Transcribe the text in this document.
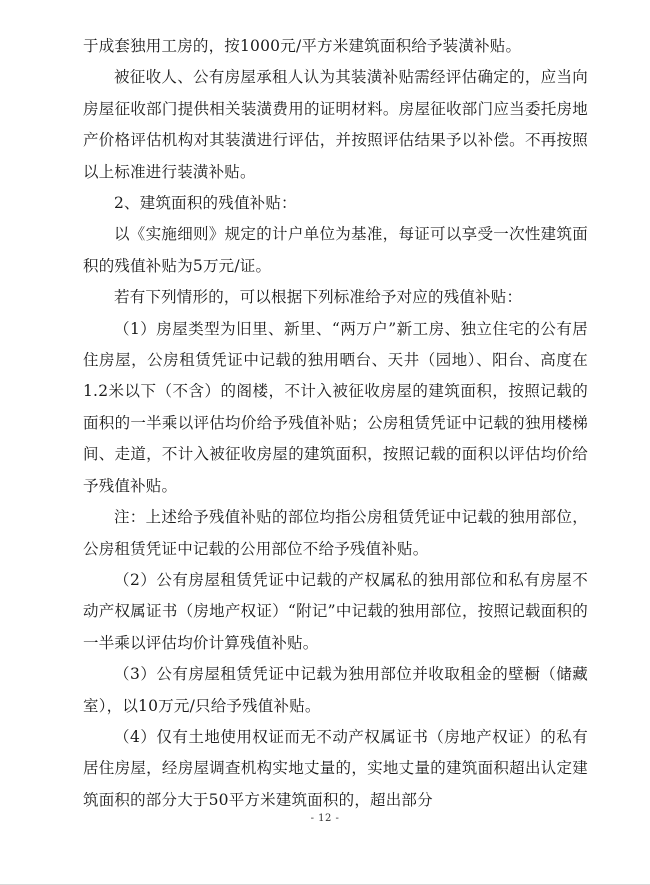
于成套独用工房的，按1000元/平方米建筑面积给予装潢补贴。

被征收人、公有房屋承租人认为其装潢补贴需经评估确定的，应当向房屋征收部门提供相关装潢费用的证明材料。房屋征收部门应当委托房地产价格评估机构对其装潢进行评估，并按照评估结果予以补偿。不再按照以上标准进行装潢补贴。

2、建筑面积的残值补贴：

以《实施细则》规定的计户单位为基准，每证可以享受一次性建筑面积的残值补贴为5万元/证。

若有下列情形的，可以根据下列标准给予对应的残值补贴：

（1）房屋类型为旧里、新里、“两万户”新工房、独立住宅的公有居住房屋，公房租赁凭证中记载的独用晒台、天井（园地）、阳台、高度在1.2米以下（不含）的阁楼，不计入被征收房屋的建筑面积，按照记载的面积的一半乘以评估均价给予残值补贴；公房租赁凭证中记载的独用楼梯间、走道，不计入被征收房屋的建筑面积，按照记载的面积以评估均价给予残值补贴。

注：上述给予残值补贴的部位均指公房租赁凭证中记载的独用部位，公房租赁凭证中记载的公用部位不给予残值补贴。

（2）公有房屋租赁凭证中记载的产权属私的独用部位和私有房屋不动产权属证书（房地产权证）“附记”中记载的独用部位，按照记载面积的一半乘以评估均价计算残值补贴。

（3）公有房屋租赁凭证中记载为独用部位并收取租金的壁橱（储藏室），以10万元/只给予残值补贴。

（4）仅有土地使用权证而无不动产权属证书（房地产权证）的私有居住房屋，经房屋调查机构实地丈量的，实地丈量的建筑面积超出认定建筑面积的部分大于50平方米建筑面积的，超出部分

- 12 -
